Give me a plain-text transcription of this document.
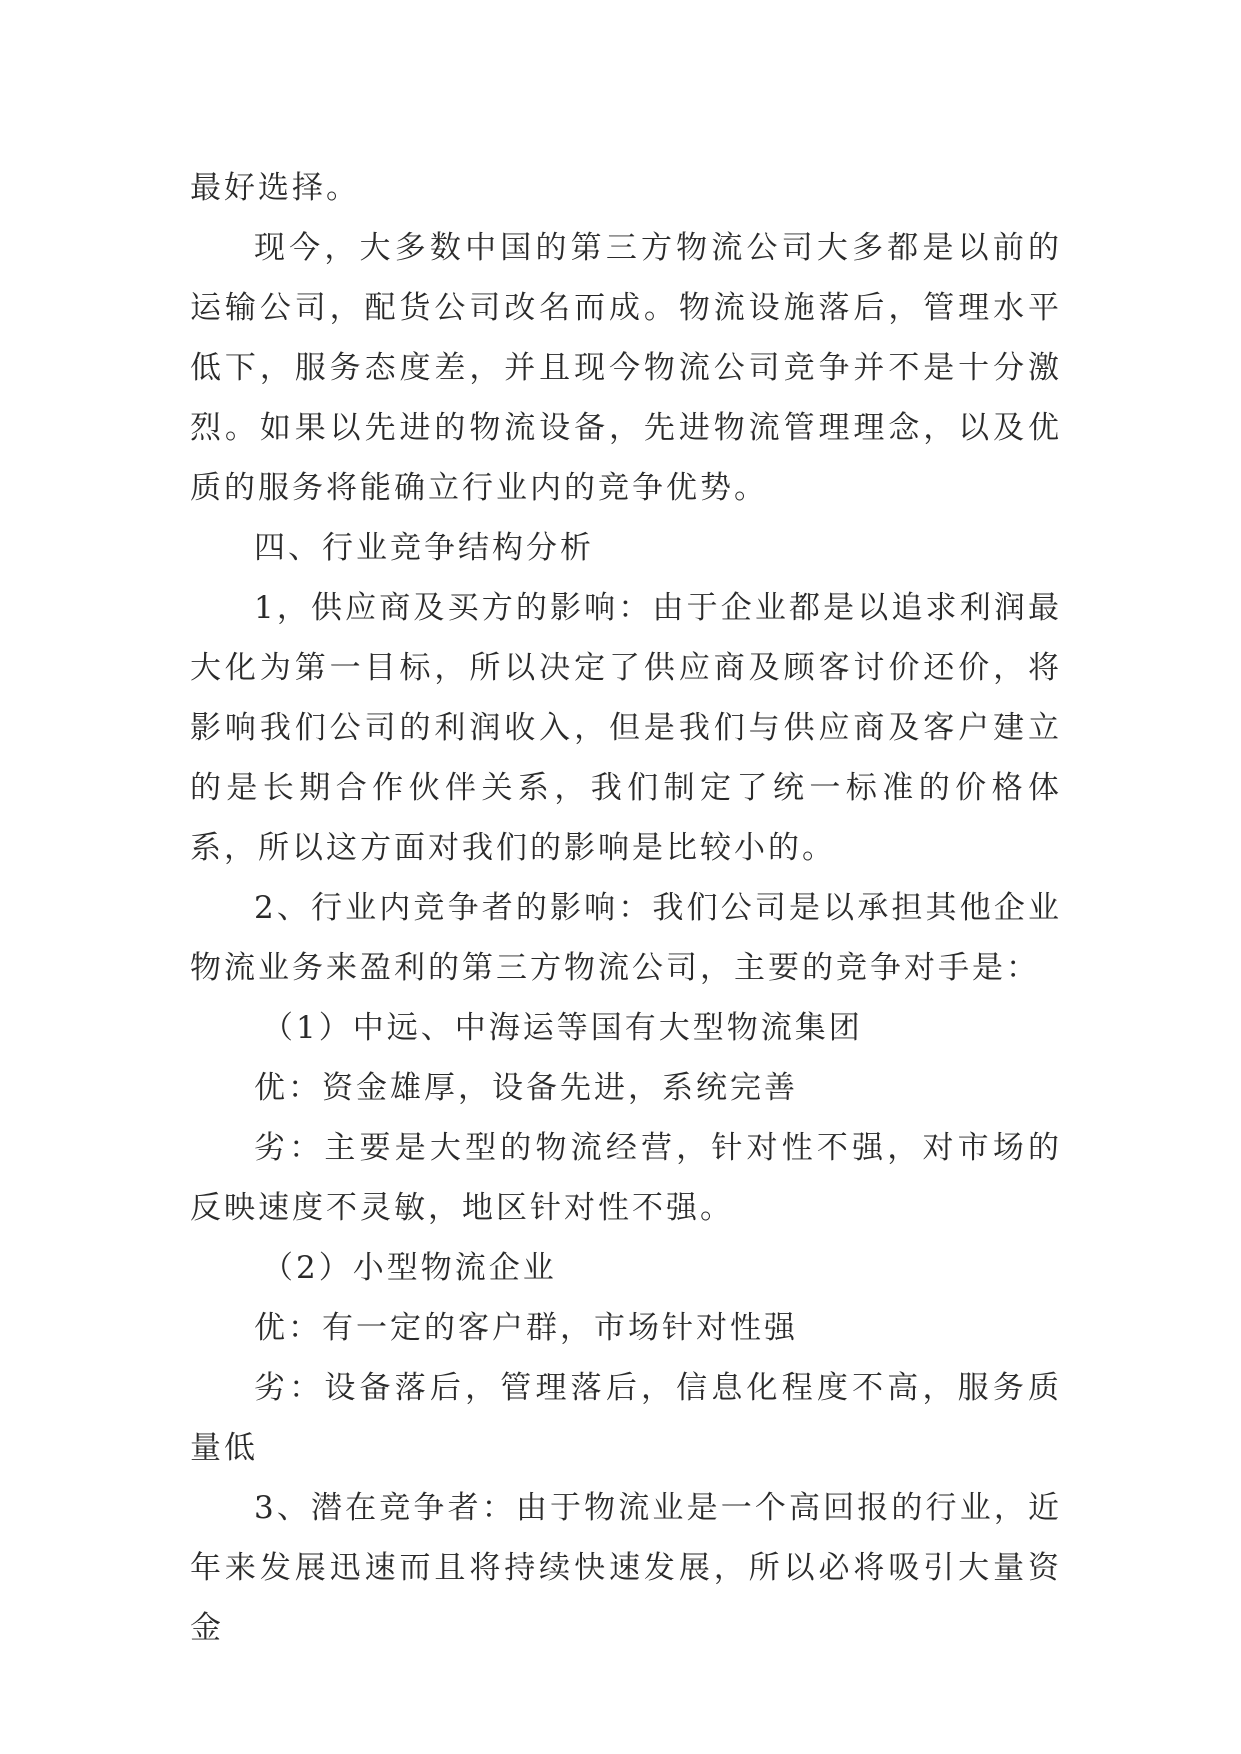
最好选择。

现今，大多数中国的第三方物流公司大多都是以前的运输公司，配货公司改名而成。物流设施落后，管理水平低下，服务态度差，并且现今物流公司竞争并不是十分激烈。如果以先进的物流设备，先进物流管理理念，以及优质的服务将能确立行业内的竞争优势。

四、行业竞争结构分析

1，供应商及买方的影响：由于企业都是以追求利润最大化为第一目标，所以决定了供应商及顾客讨价还价，将影响我们公司的利润收入，但是我们与供应商及客户建立的是长期合作伙伴关系，我们制定了统一标准的价格体系，所以这方面对我们的影响是比较小的。

2、行业内竞争者的影响：我们公司是以承担其他企业物流业务来盈利的第三方物流公司，主要的竞争对手是：

（1）中远、中海运等国有大型物流集团

优：资金雄厚，设备先进，系统完善

劣：主要是大型的物流经营，针对性不强，对市场的反映速度不灵敏，地区针对性不强。

（2）小型物流企业

优：有一定的客户群，市场针对性强

劣：设备落后，管理落后，信息化程度不高，服务质量低

3、潜在竞争者：由于物流业是一个高回报的行业，近年来发展迅速而且将持续快速发展，所以必将吸引大量资金
